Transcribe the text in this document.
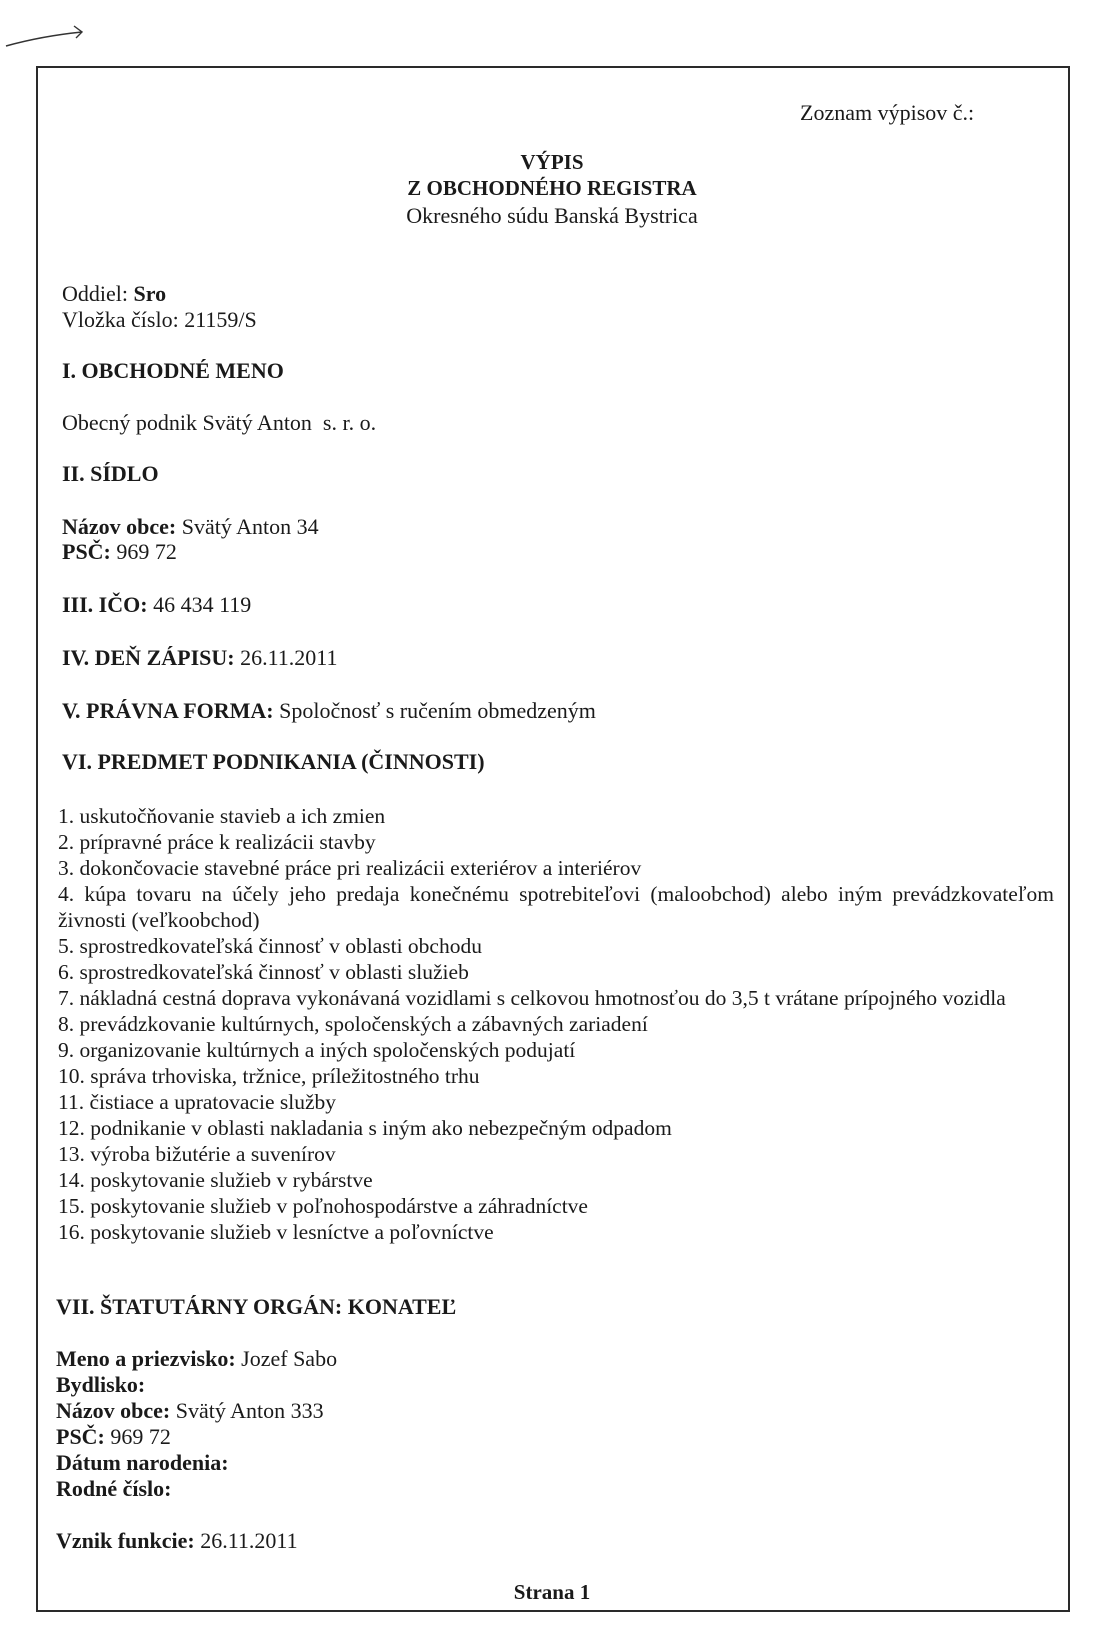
Zoznam výpisov č.:
VÝPIS
Z OBCHODNÉHO REGISTRA
Okresného súdu Banská Bystrica
Oddiel: Sro
Vložka číslo: 21159/S
I. OBCHODNÉ MENO
Obecný podnik Svätý Anton  s. r. o.
II. SÍDLO
Názov obce: Svätý Anton 34
PSČ: 969 72
III. IČO: 46 434 119
IV. DEŇ ZÁPISU: 26.11.2011
V. PRÁVNA FORMA: Spoločnosť s ručením obmedzeným
VI. PREDMET PODNIKANIA (ČINNOSTI)
1. uskutočňovanie stavieb a ich zmien
2. prípravné práce k realizácii stavby
3. dokončovacie stavebné práce pri realizácii exteriérov a interiérov
4. kúpa tovaru na účely jeho predaja konečnému spotrebiteľovi (maloobchod) alebo iným prevádzkovateľom živnosti (veľkoobchod)
5. sprostredkovateľská činnosť v oblasti obchodu
6. sprostredkovateľská činnosť v oblasti služieb
7. nákladná cestná doprava vykonávaná vozidlami s celkovou hmotnosťou do 3,5 t vrátane prípojného vozidla
8. prevádzkovanie kultúrnych, spoločenských a zábavných zariadení
9. organizovanie kultúrnych a iných spoločenských podujatí
10. správa trhoviska, tržnice, príležitostného trhu
11. čistiace a upratovacie služby
12. podnikanie v oblasti nakladania s iným ako nebezpečným odpadom
13. výroba bižutérie a suvenírov
14. poskytovanie služieb v rybárstve
15. poskytovanie služieb v poľnohospodárstve a záhradníctve
16. poskytovanie služieb v lesníctve a poľovníctve
VII. ŠTATUTÁRNY ORGÁN: KONATEĽ
Meno a priezvisko: Jozef Sabo
Bydlisko:
Názov obce: Svätý Anton 333
PSČ: 969 72
Dátum narodenia:
Rodné číslo:
Vznik funkcie: 26.11.2011
Strana 1
